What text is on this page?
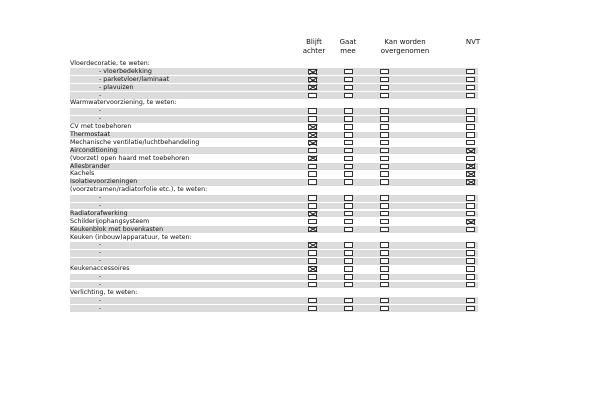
Blijft
achter
Gaat
mee
Kan worden
overgenomen
NVT
Vloerdecoratie, te weten:
- vloerbedekking
- parketvloer/laminaat
- plavuizen
-
Warmwatervoorziening, te weten:
-
-
CV met toebehoren
Thermostaat
Mechanische ventilatie/luchtbehandeling
Airconditioning
(Voorzet) open haard met toebehoren
Allesbrander
Kachels
Isolatievoorzieningen
(voorzetramen/radiatorfolie etc.), te weten:
-
-
Radiatorafwerking
Schilderijophangsysteem
Keukenblok met bovenkasten
Keuken (inbouw)apparatuur, te weten:
-
-
-
Keukenaccessoires
-
-
Verlichting, te weten:
-
-
